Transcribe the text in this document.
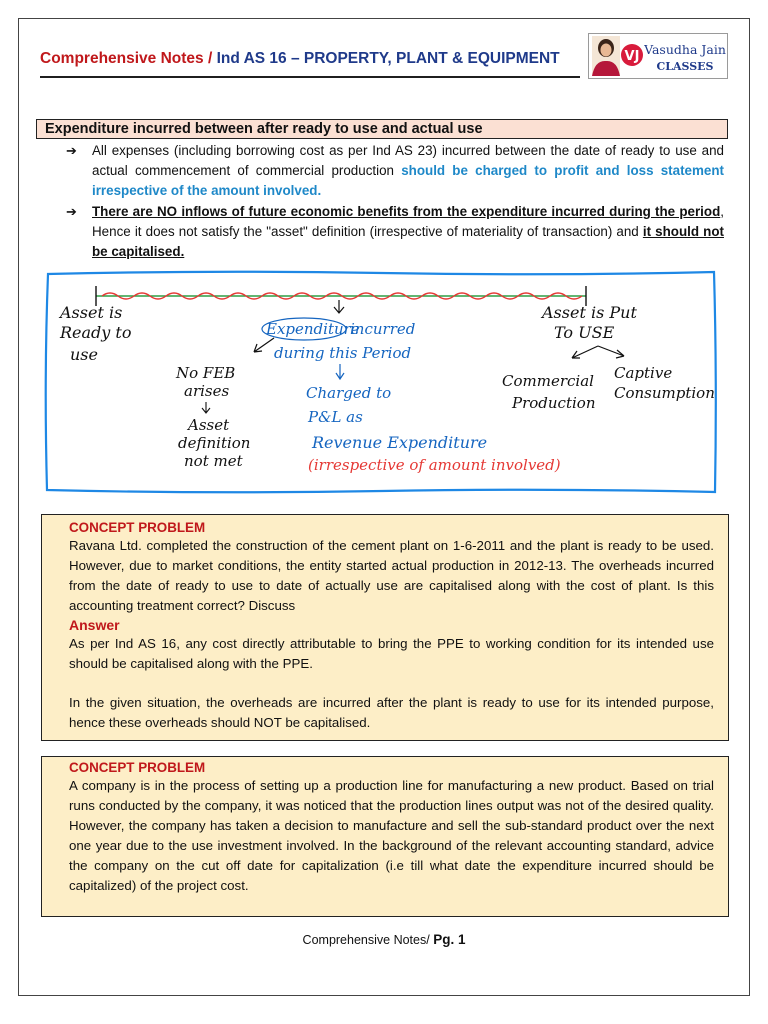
Comprehensive Notes / Ind AS 16 – PROPERTY, PLANT & EQUIPMENT	VJ Vasudha Jain
CLASSES
Expenditure incurred between after ready to use and actual use
➔ All expenses (including borrowing cost as per Ind AS 23) incurred between the date of ready to use and actual commencement of commercial production should be charged to profit and loss statement irrespective of the amount involved.
➔ There are NO inflows of future economic benefits from the expenditure incurred during the period, Hence it does not satisfy the "asset" definition (irrespective of materiality of transaction) and it should not be capitalised.
Asset is
Ready to
use
Asset is Put
To USE
Expenditure
incurred
during this Period
No FEB
arises
Asset
definition
not met
Charged to
P&L as
Revenue Expenditure
(irrespective of amount involved)
Commercial
Production
Captive
Consumption
CONCEPT PROBLEM
Ravana Ltd. completed the construction of the cement plant on 1-6-2011 and the plant is ready to be used. However, due to market conditions, the entity started actual production in 2012-13. The overheads incurred from the date of ready to use to date of actually use are capitalised along with the cost of plant. Is this accounting treatment correct? Discuss
Answer
As per Ind AS 16, any cost directly attributable to bring the PPE to working condition for its intended use should be capitalised along with the PPE.
In the given situation, the overheads are incurred after the plant is ready to use for its intended purpose, hence these overheads should NOT be capitalised.
CONCEPT PROBLEM
A company is in the process of setting up a production line for manufacturing a new product. Based on trial runs conducted by the company, it was noticed that the production lines output was not of the desired quality. However, the company has taken a decision to manufacture and sell the sub-standard product over the next one year due to the use investment involved. In the background of the relevant accounting standard, advice the company on the cut off date for capitalization (i.e till what date the expenditure incurred should be capitalized) of the project cost.
Comprehensive Notes/ Pg. 1
